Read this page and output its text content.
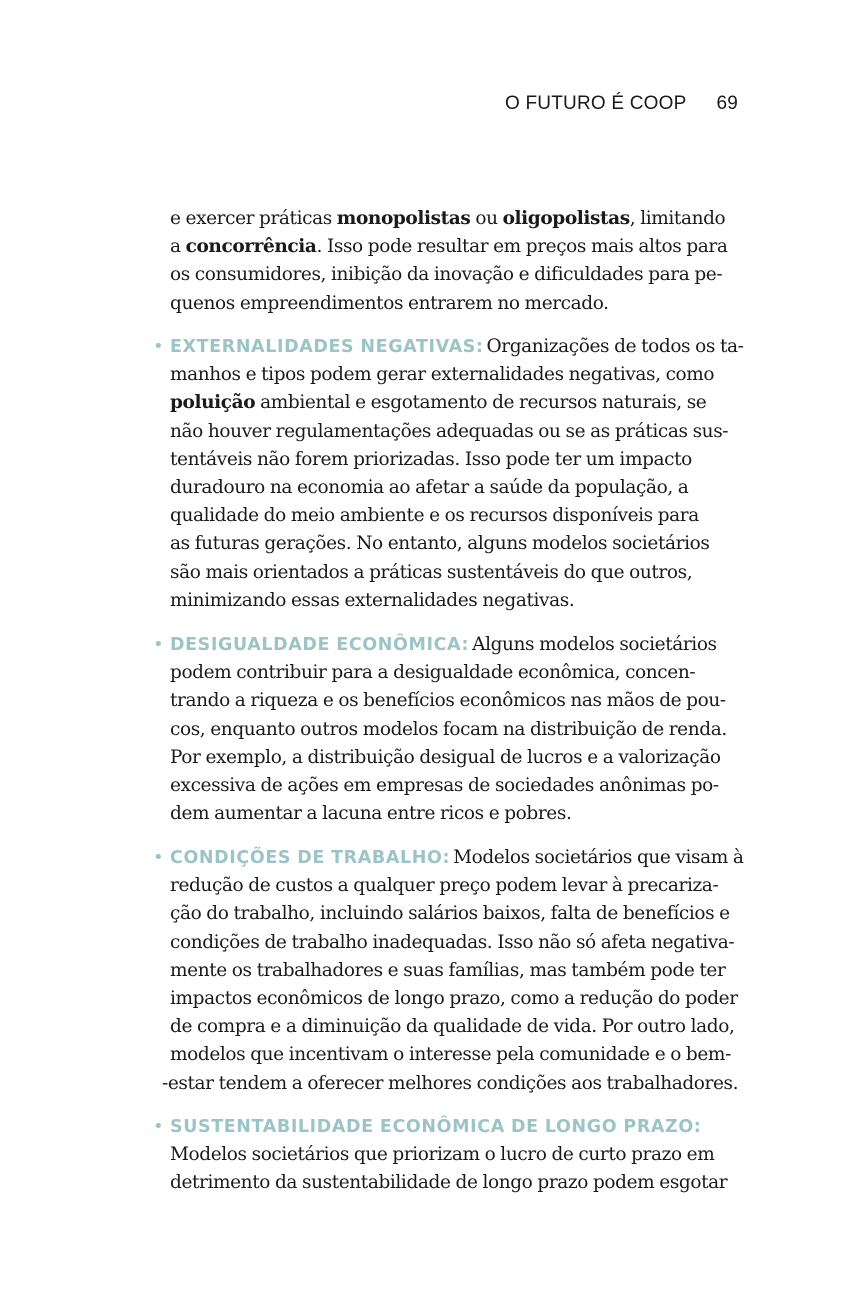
O FUTURO É COOP 69
e exercer práticas monopolistas ou oligopolistas, limitando
a concorrência. Isso pode resultar em preços mais altos para
os consumidores, inibição da inovação e dificuldades para pe-
quenos empreendimentos entrarem no mercado.
• EXTERNALIDADES NEGATIVAS: Organizações de todos os ta-
manhos e tipos podem gerar externalidades negativas, como
poluição ambiental e esgotamento de recursos naturais, se
não houver regulamentações adequadas ou se as práticas sus-
tentáveis não forem priorizadas. Isso pode ter um impacto
duradouro na economia ao afetar a saúde da população, a
qualidade do meio ambiente e os recursos disponíveis para
as futuras gerações. No entanto, alguns modelos societários
são mais orientados a práticas sustentáveis do que outros,
minimizando essas externalidades negativas.
• DESIGUALDADE ECONÔMICA: Alguns modelos societários
podem contribuir para a desigualdade econômica, concen-
trando a riqueza e os benefícios econômicos nas mãos de pou-
cos, enquanto outros modelos focam na distribuição de renda.
Por exemplo, a distribuição desigual de lucros e a valorização
excessiva de ações em empresas de sociedades anônimas po-
dem aumentar a lacuna entre ricos e pobres.
• CONDIÇÕES DE TRABALHO: Modelos societários que visam à
redução de custos a qualquer preço podem levar à precariza-
ção do trabalho, incluindo salários baixos, falta de benefícios e
condições de trabalho inadequadas. Isso não só afeta negativa-
mente os trabalhadores e suas famílias, mas também pode ter
impactos econômicos de longo prazo, como a redução do poder
de compra e a diminuição da qualidade de vida. Por outro lado,
modelos que incentivam o interesse pela comunidade e o bem-
-estar tendem a oferecer melhores condições aos trabalhadores.
• SUSTENTABILIDADE ECONÔMICA DE LONGO PRAZO:
Modelos societários que priorizam o lucro de curto prazo em
detrimento da sustentabilidade de longo prazo podem esgotar
